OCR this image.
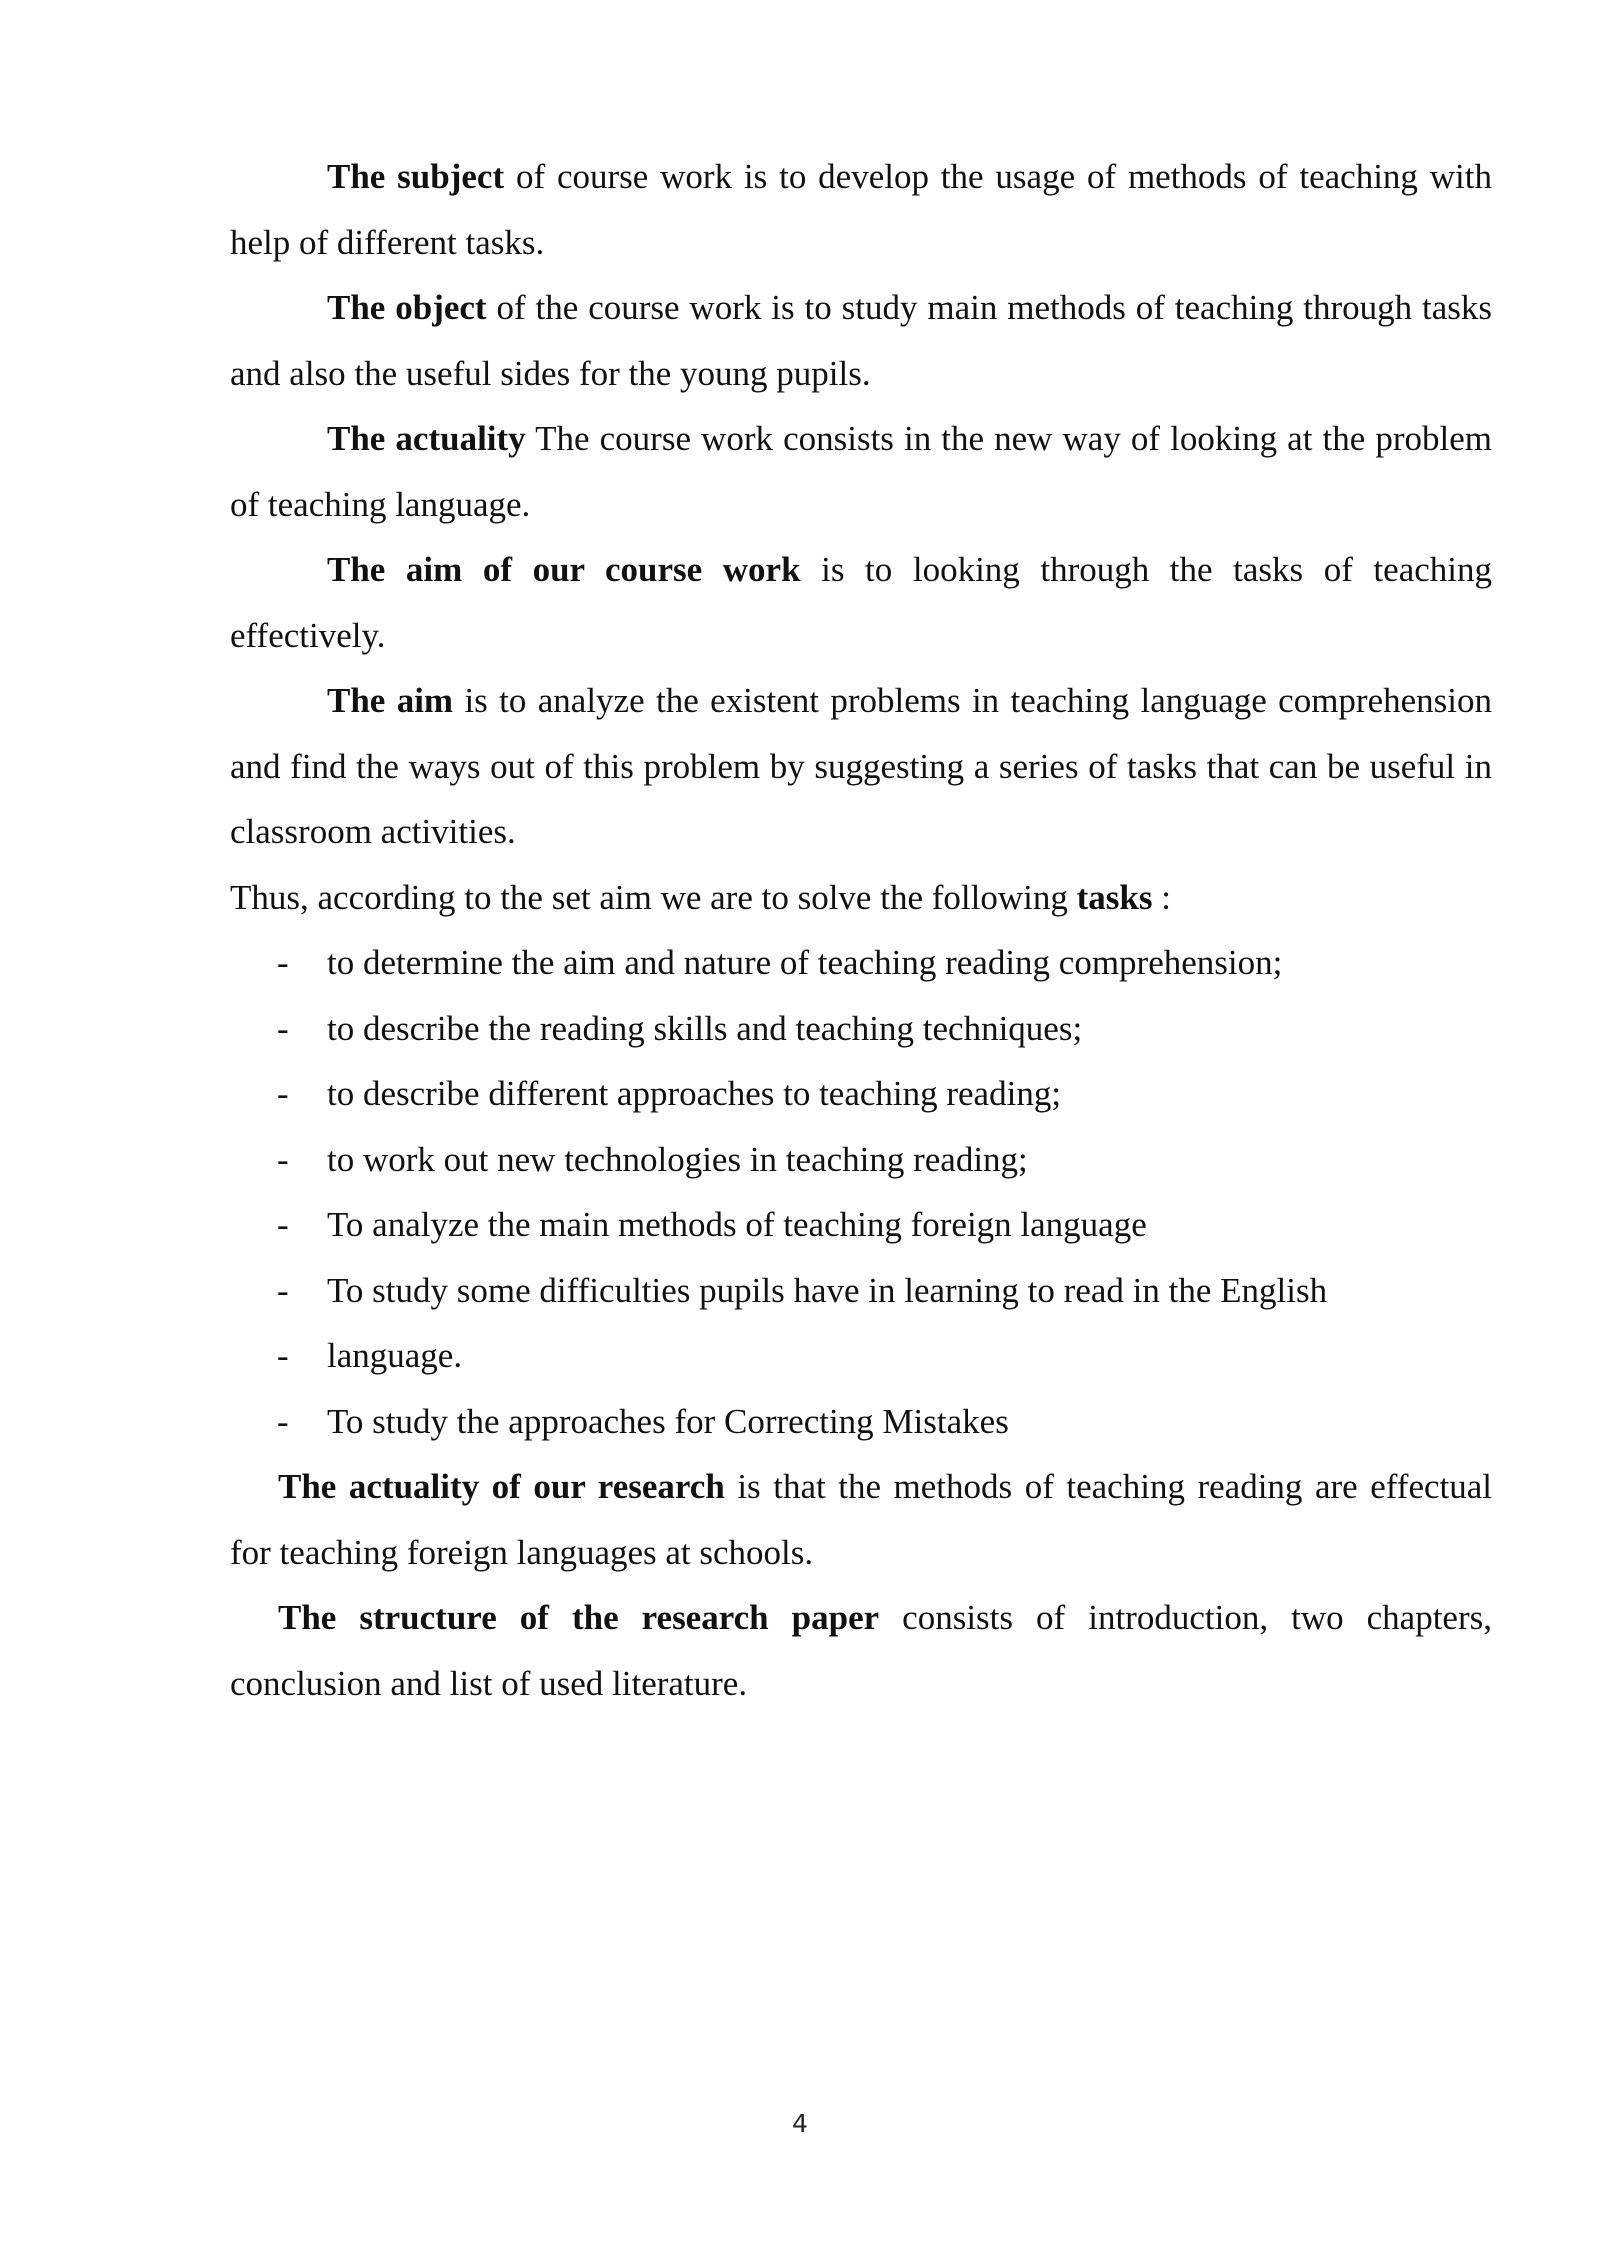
The subject of course work is to develop the usage of methods of teaching with help of different tasks.

The object of the course work is to study main methods of teaching through tasks and also the useful sides for the young pupils.

The actuality The course work consists in the new way of looking at the problem of teaching language.

The aim of our course work is to looking through the tasks of teaching effectively.

The aim is to analyze the existent problems in teaching language comprehension and find the ways out of this problem by suggesting a series of tasks that can be useful in classroom activities.

Thus, according to the set aim we are to solve the following tasks :

- to determine the aim and nature of teaching reading comprehension;
- to describe the reading skills and teaching techniques;
- to describe different approaches to teaching reading;
- to work out new technologies in teaching reading;
- To analyze the main methods of teaching foreign language
- To study some difficulties pupils have in learning to read in the English
- language.
- To study the approaches for Correcting Mistakes

The actuality of our research is that the methods of teaching reading are effectual for teaching foreign languages at schools.

The structure of the research paper consists of introduction, two chapters, conclusion and list of used literature.

4
